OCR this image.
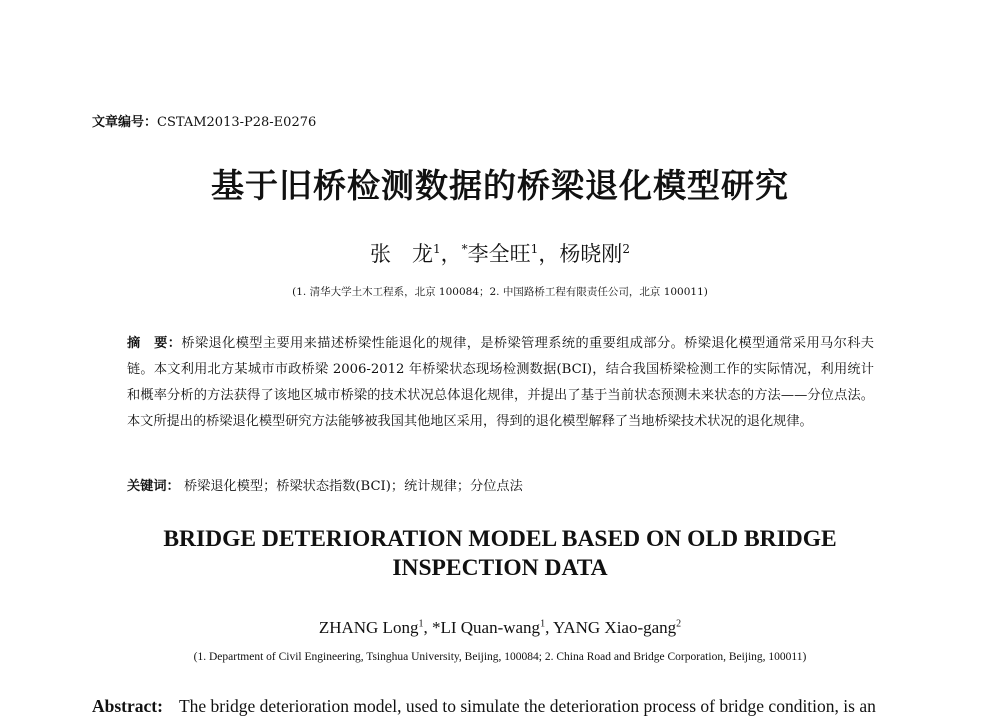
文章编号：CSTAM2013-P28-E0276
基于旧桥检测数据的桥梁退化模型研究
张　龙$^1$，*李全旺$^1$，杨晓刚$^2$
(1. 清华大学土木工程系，北京 100084；2. 中国路桥工程有限责任公司，北京 100011)
摘　要：桥梁退化模型主要用来描述桥梁性能退化的规律，是桥梁管理系统的重要组成部分。桥梁退化模型通常采用马尔科夫链。本文利用北方某城市市政桥梁 2006-2012 年桥梁状态现场检测数据(BCI)，结合我国桥梁检测工作的实际情况，利用统计和概率分析的方法获得了该地区城市桥梁的技术状况总体退化规律，并提出了基于当前状态预测未来状态的方法——分位点法。本文所提出的桥梁退化模型研究方法能够被我国其他地区采用，得到的退化模型解释了当地桥梁技术状况的退化规律。
关键词： 桥梁退化模型；桥梁状态指数(BCI)；统计规律；分位点法
BRIDGE DETERIORATION MODEL BASED ON OLD BRIDGE
INSPECTION DATA
ZHANG Long$^1$, *LI Quan-wang$^1$, YANG Xiao-gang$^2$
(1. Department of Civil Engineering, Tsinghua University, Beijing, 100084; 2. China Road and Bridge Corporation, Beijing, 100011)
Abstract: The bridge deterioration model, used to simulate the deterioration process of bridge condition, is an
